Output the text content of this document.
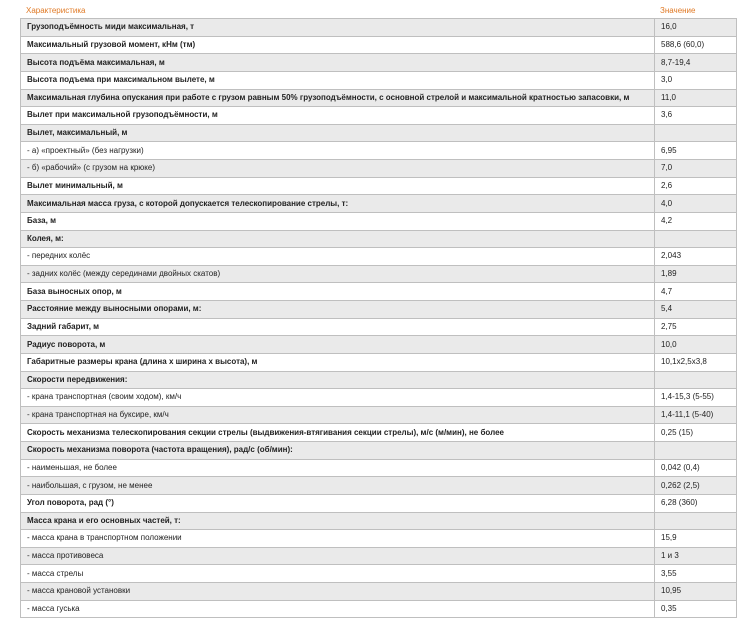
Характеристика	Значение
Грузоподъёмность миди максимальная, т	16,0
Максимальный грузовой момент, кНм (тм)	588,6 (60,0)
Высота подъёма максимальная, м	8,7-19,4
Высота подъема при максимальном вылете, м	3,0
Максимальная глубина опускания при работе с грузом равным 50% грузоподъёмности, с основной стрелой и максимальной кратностью запасовки, м	11,0
Вылет при максимальной грузоподъёмности, м	3,6
Вылет, максимальный, м	
- а) «проектный» (без нагрузки)	6,95
- б) «рабочий» (с грузом на крюке)	7,0
Вылет минимальный, м	2,6
Максимальная масса груза, с которой допускается телескопирование стрелы, т:	4,0
База, м	4,2
Колея, м:	
- передних колёс	2,043
- задних колёс (между серединами двойных скатов)	1,89
База выносных опор, м	4,7
Расстояние между выносными опорами, м:	5,4
Задний габарит, м	2,75
Радиус поворота, м	10,0
Габаритные размеры крана (длина x ширина x высота), м	10,1x2,5x3,8
Скорости передвижения:	
- крана транспортная (своим ходом), км/ч	1,4-15,3 (5-55)
- крана транспортная на буксире, км/ч	1,4-11,1 (5-40)
Скорость механизма телескопирования секции стрелы (выдвижения-втягивания секции стрелы), м/с (м/мин), не более	0,25 (15)
Скорость механизма поворота (частота вращения), рад/с (об/мин):	
- наименьшая, не более	0,042 (0,4)
- наибольшая, с грузом, не менее	0,262 (2,5)
Угол поворота, рад (°)	6,28 (360)
Масса крана и его основных частей, т:	
- масса крана в транспортном положении	15,9
- масса противовеса	1 и 3
- масса стрелы	3,55
- масса крановой установки	10,95
- масса гуська	0,35
